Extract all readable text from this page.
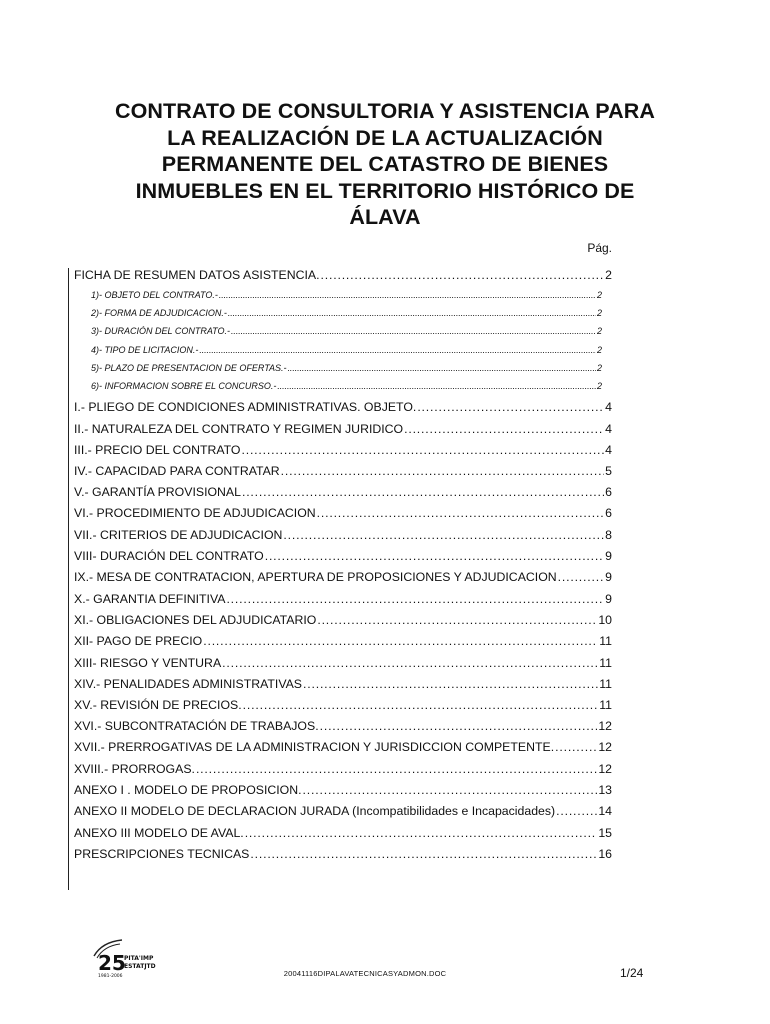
CONTRATO DE CONSULTORIA Y ASISTENCIA PARA
LA REALIZACIÓN DE LA ACTUALIZACIÓN
PERMANENTE DEL CATASTRO DE BIENES
INMUEBLES EN EL TERRITORIO HISTÓRICO DE
ÁLAVA
Pág.
FICHA DE RESUMEN DATOS ASISTENCIA. . . .	2
1)- OBJETO DEL CONTRATO.- . . .	2
2)- FORMA DE ADJUDICACION.- . . .	2
3)- DURACIÓN DEL CONTRATO.- . . .	2
4)- TIPO DE LICITACION.- . . .	2
5)- PLAZO DE PRESENTACION DE OFERTAS.- . . .	2
6)- INFORMACION SOBRE EL CONCURSO.- . . .	2
I.- PLIEGO DE CONDICIONES ADMINISTRATIVAS. OBJETO. . . .	4
II.- NATURALEZA DEL CONTRATO Y REGIMEN JURIDICO . . .	4
III.- PRECIO DEL CONTRATO . . .	4
IV.- CAPACIDAD PARA CONTRATAR . . .	5
V.- GARANTÍA PROVISIONAL . . .	6
VI.- PROCEDIMIENTO DE ADJUDICACION . . .	6
VII.- CRITERIOS DE ADJUDICACION . . .	8
VIII- DURACIÓN DEL CONTRATO . . .	9
IX.- MESA DE CONTRATACION, APERTURA DE PROPOSICIONES Y ADJUDICACION . . .	9
X.- GARANTIA DEFINITIVA . . .	9
XI.- OBLIGACIONES DEL ADJUDICATARIO . . .	10
XII- PAGO DE PRECIO . . .	11
XIII- RIESGO Y VENTURA . . .	11
XIV.- PENALIDADES ADMINISTRATIVAS . . .	11
XV.- REVISIÓN DE PRECIOS. . . .	11
XVI.- SUBCONTRATACIÓN DE TRABAJOS. . . .	12
XVII.- PRERROGATIVAS DE LA ADMINISTRACION Y JURISDICCION COMPETENTE. . . .	12
XVIII.- PRORROGAS. . . .	12
ANEXO I . MODELO DE PROPOSICION. . . .	13
ANEXO II MODELO DE DECLARACION JURADA (Incompatibilidades e Incapacidades) . . .	14
ANEXO III MODELO DE AVAL. . . .	15
PRESCRIPCIONES TECNICAS . . .	16
25
PITA'IMP
ESTATJTD
1981-2006	20041116DIPALAVATECNICASYADMON.DOC	1/24
